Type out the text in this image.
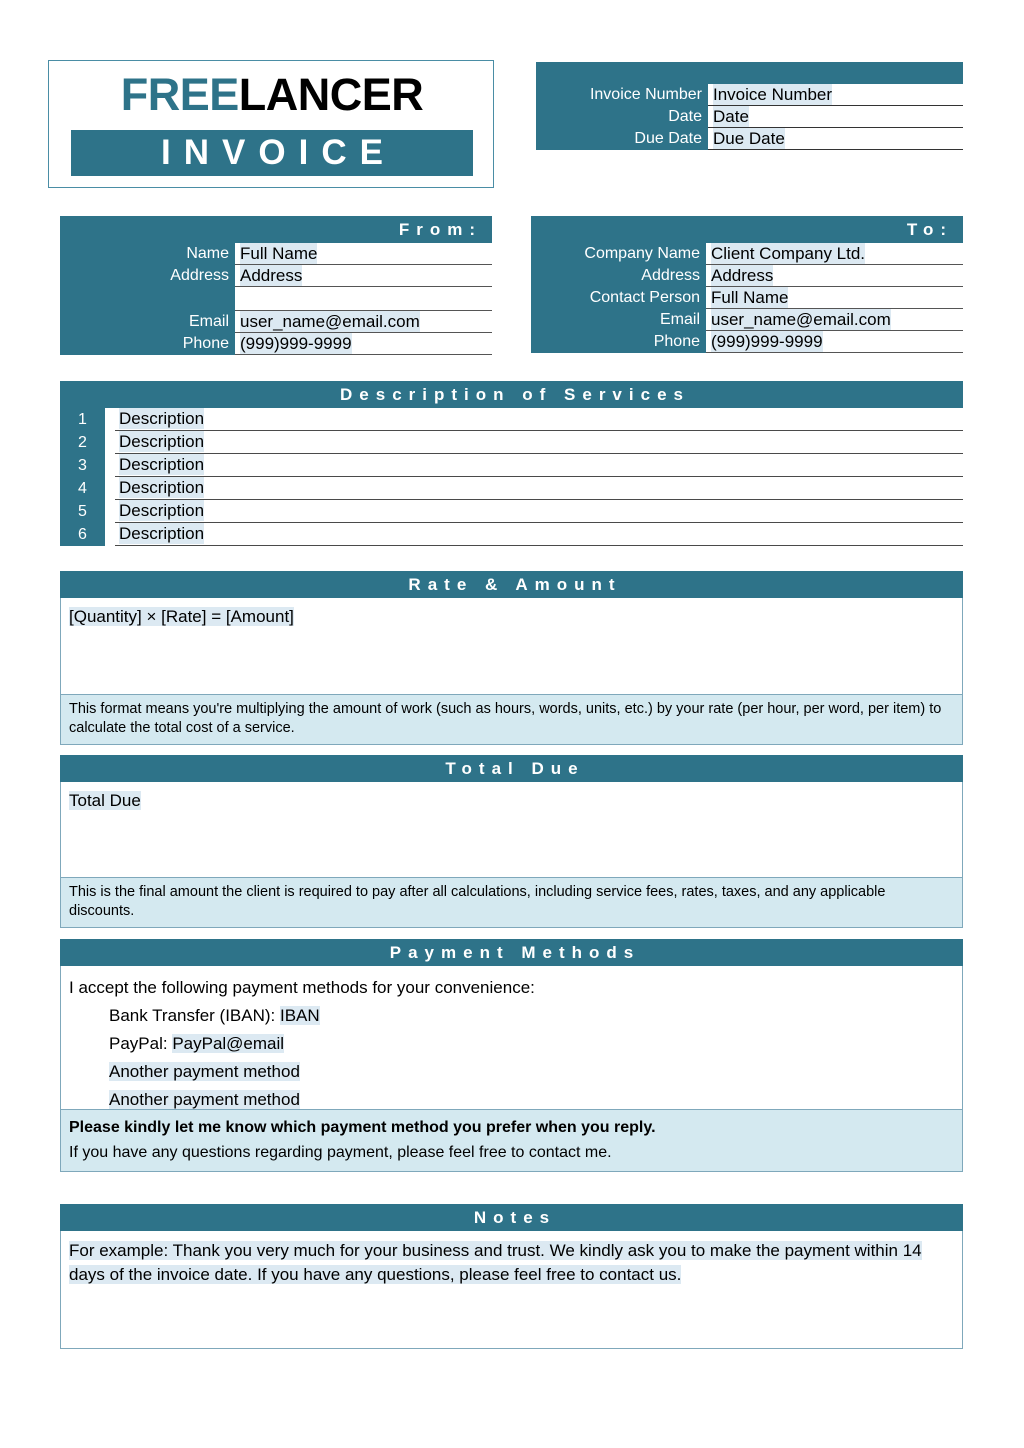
FREELANCER
INVOICE
Invoice Number Invoice Number
Date Date
Due Date Due Date
From:
Name Full Name
Address Address
Email user_name@email.com
Phone (999)999-9999
To:
Company Name Client Company Ltd.
Address Address
Contact Person Full Name
Email user_name@email.com
Phone (999)999-9999
Description of Services
1	Description
2	Description
3	Description
4	Description
5	Description
6	Description
Rate & Amount
[Quantity] × [Rate] = [Amount]
This format means you're multiplying the amount of work (such as hours, words, units, etc.) by your rate (per hour, per word, per item) to calculate the total cost of a service.
Total Due
Total Due
This is the final amount the client is required to pay after all calculations, including service fees, rates, taxes, and any applicable discounts.
Payment Methods
I accept the following payment methods for your convenience:
Bank Transfer (IBAN): IBAN
PayPal: PayPal@email
Another payment method
Another payment method
Please kindly let me know which payment method you prefer when you reply.
If you have any questions regarding payment, please feel free to contact me.
Notes
For example: Thank you very much for your business and trust. We kindly ask you to make the payment within 14 days of the invoice date. If you have any questions, please feel free to contact us.
